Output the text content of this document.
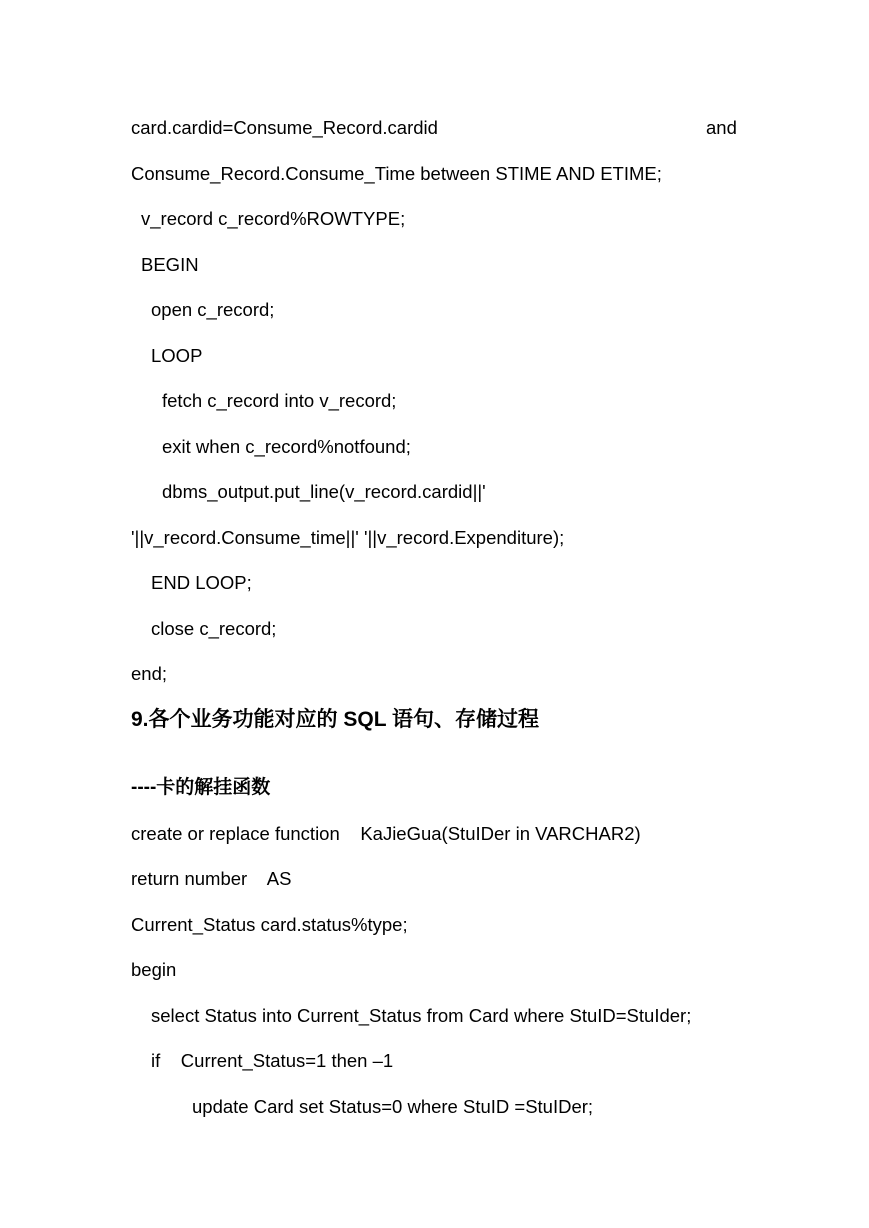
card.cardid=Consume_Record.cardid	and
Consume_Record.Consume_Time between STIME AND ETIME;
v_record c_record%ROWTYPE;
BEGIN
open c_record;
LOOP
fetch c_record into v_record;
exit when c_record%notfound;
dbms_output.put_line(v_record.cardid||'
'||v_record.Consume_time||' '||v_record.Expenditure);
END LOOP;
close c_record;
end;
9.各个业务功能对应的 SQL 语句、存储过程
----卡的解挂函数
create or replace function    KaJieGua(StuIDer in VARCHAR2)
return number    AS
Current_Status card.status%type;
begin
select Status into Current_Status from Card where StuID=StuIder;
if    Current_Status=1 then –1
update Card set Status=0 where StuID =StuIDer;
